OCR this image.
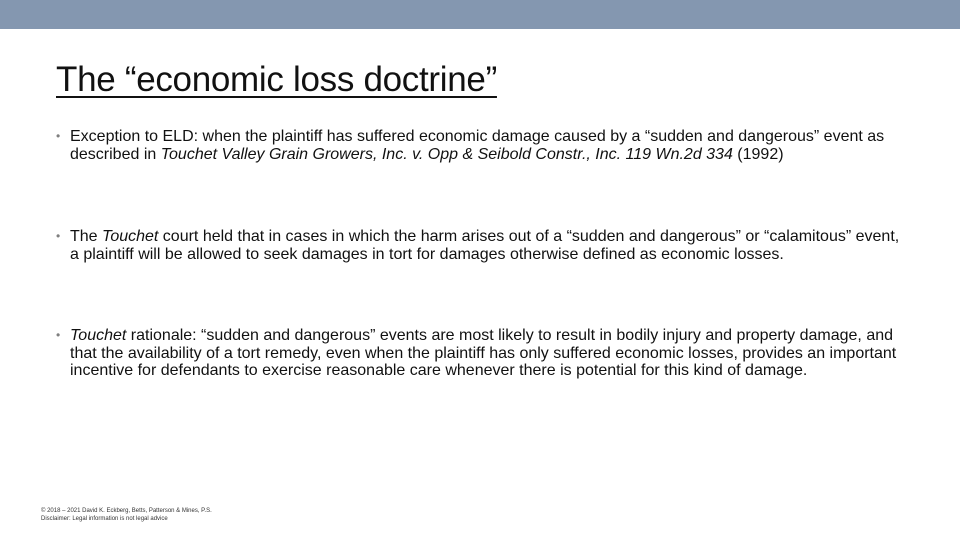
The “economic loss doctrine”
• Exception to ELD: when the plaintiff has suffered economic damage caused by a “sudden and dangerous” event as described in Touchet Valley Grain Growers, Inc. v. Opp & Seibold Constr., Inc. 119 Wn.2d 334 (1992)
• The Touchet court held that in cases in which the harm arises out of a “sudden and dangerous” or “calamitous” event, a plaintiff will be allowed to seek damages in tort for damages otherwise defined as economic losses.
• Touchet rationale: “sudden and dangerous” events are most likely to result in bodily injury and property damage, and that the availability of a tort remedy, even when the plaintiff has only suffered economic losses, provides an important incentive for defendants to exercise reasonable care whenever there is potential for this kind of damage.
© 2018 – 2021 David K. Eckberg, Betts, Patterson & Mines, P.S.
Disclaimer: Legal information is not legal advice
